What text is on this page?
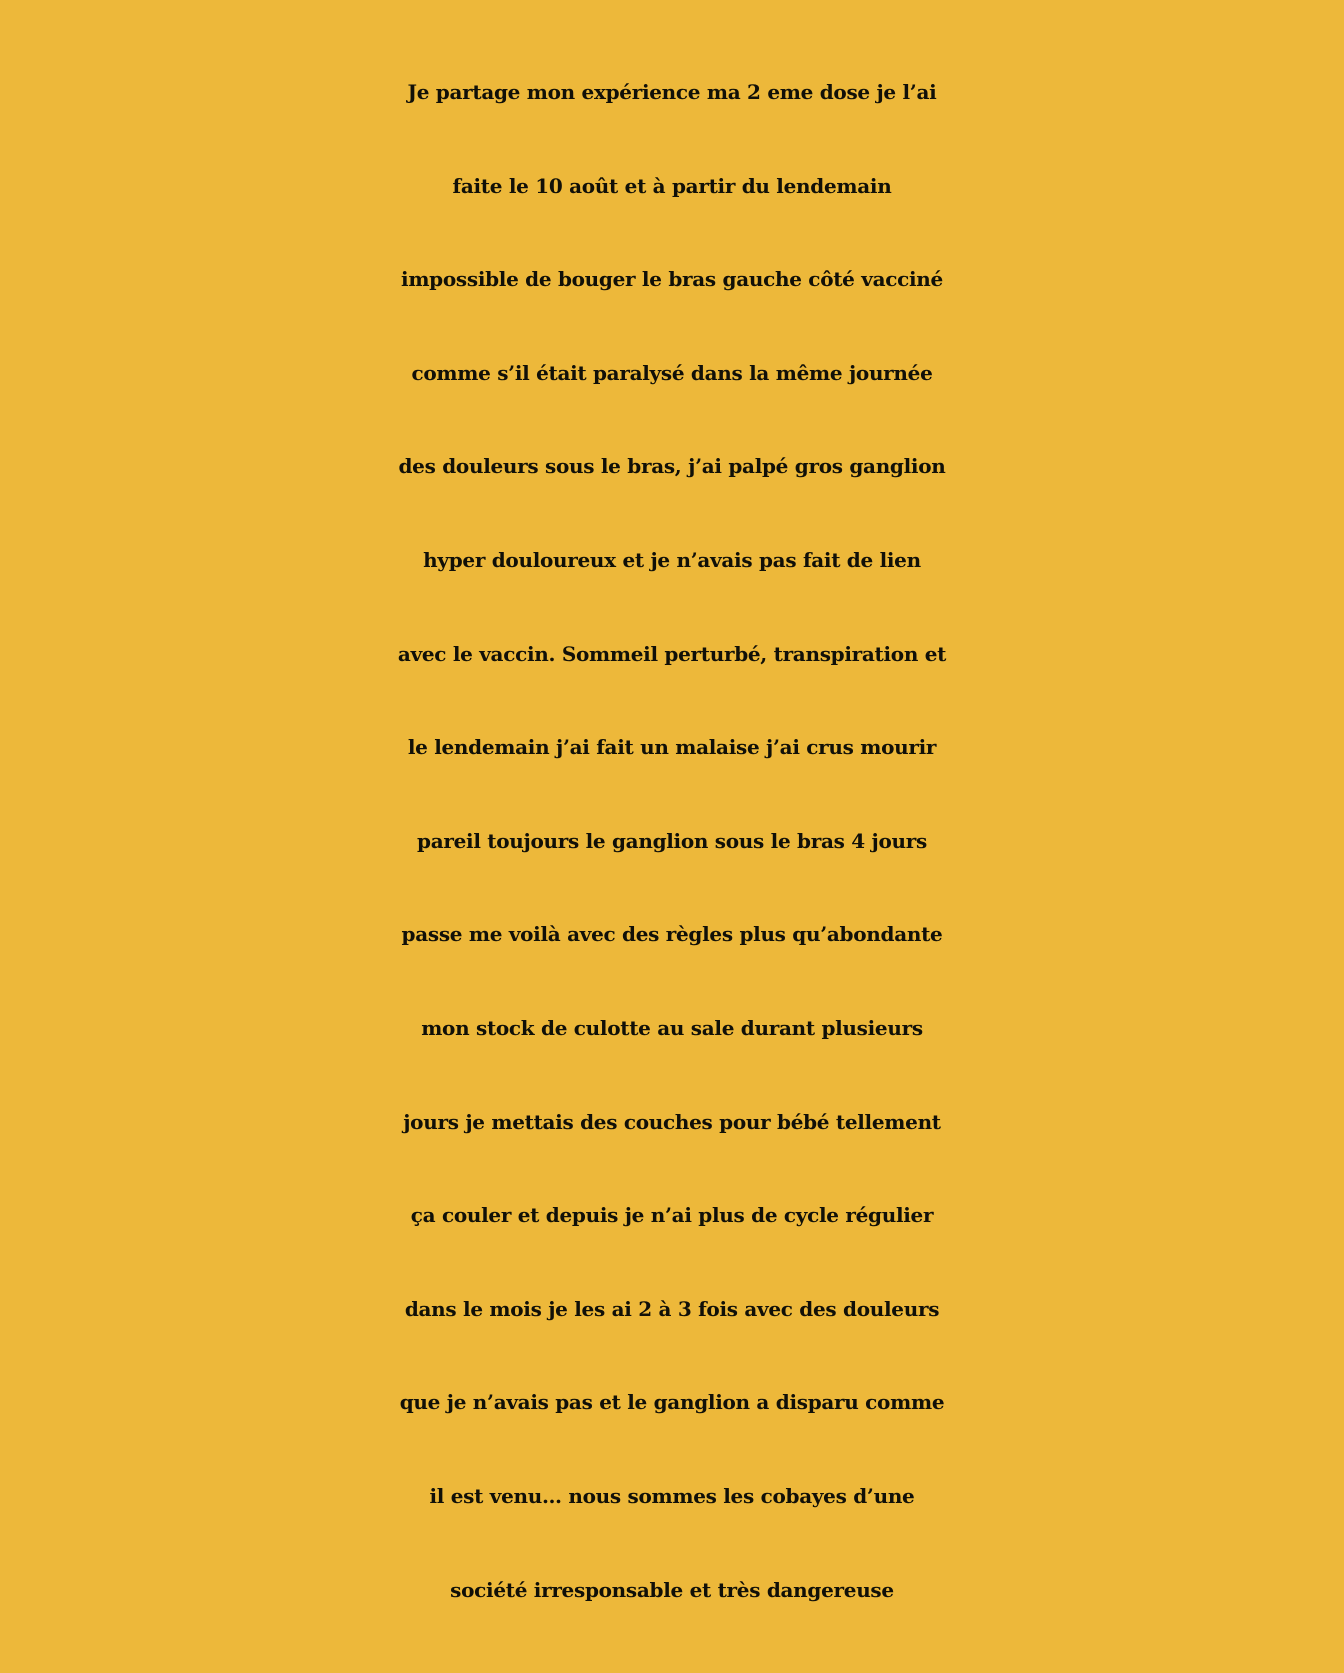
Je partage mon expérience ma 2 eme dose je l’ai
faite le 10 août et à partir du lendemain
impossible de bouger le bras gauche côté vacciné
comme s’il était paralysé dans la même journée
des douleurs sous le bras, j’ai palpé gros ganglion
hyper douloureux et je n’avais pas fait de lien
avec le vaccin. Sommeil perturbé, transpiration et
le lendemain j’ai fait un malaise j’ai crus mourir
pareil toujours le ganglion sous le bras 4 jours
passe me voilà avec des règles plus qu’abondante
mon stock de culotte au sale durant plusieurs
jours je mettais des couches pour bébé tellement
ça couler et depuis je n’ai plus de cycle régulier
dans le mois je les ai 2 à 3 fois avec des douleurs
que je n’avais pas et le ganglion a disparu comme
il est venu… nous sommes les cobayes d’une
société irresponsable et très dangereuse
